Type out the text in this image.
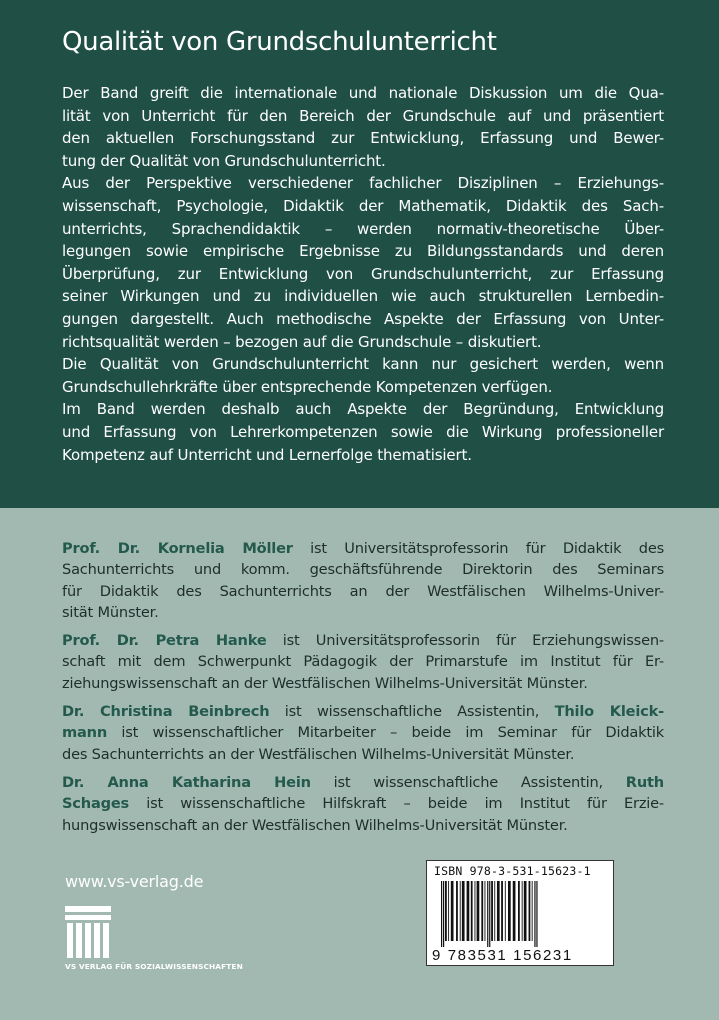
Qualität von Grundschulunterricht
Der Band greift die internationale und nationale Diskussion um die Qua-
lität von Unterricht für den Bereich der Grundschule auf und präsentiert
den aktuellen Forschungsstand zur Entwicklung, Erfassung und Bewer-
tung der Qualität von Grundschulunterricht.
Aus der Perspektive verschiedener fachlicher Disziplinen – Erziehungs-
wissenschaft, Psychologie, Didaktik der Mathematik, Didaktik des Sach-
unterrichts, Sprachendidaktik – werden normativ-theoretische Über-
legungen sowie empirische Ergebnisse zu Bildungsstandards und deren
Überprüfung, zur Entwicklung von Grundschulunterricht, zur Erfassung
seiner Wirkungen und zu individuellen wie auch strukturellen Lernbedin-
gungen dargestellt. Auch methodische Aspekte der Erfassung von Unter-
richtsqualität werden – bezogen auf die Grundschule – diskutiert.
Die Qualität von Grundschulunterricht kann nur gesichert werden, wenn
Grundschullehrkräfte über entsprechende Kompetenzen verfügen.
Im Band werden deshalb auch Aspekte der Begründung, Entwicklung
und Erfassung von Lehrerkompetenzen sowie die Wirkung professioneller
Kompetenz auf Unterricht und Lernerfolge thematisiert.
Prof. Dr. Kornelia Möller ist Universitätsprofessorin für Didaktik des
Sachunterrichts und komm. geschäftsführende Direktorin des Seminars
für Didaktik des Sachunterrichts an der Westfälischen Wilhelms-Univer-
sität Münster.
Prof. Dr. Petra Hanke ist Universitätsprofessorin für Erziehungswissen-
schaft mit dem Schwerpunkt Pädagogik der Primarstufe im Institut für Er-
ziehungswissenschaft an der Westfälischen Wilhelms-Universität Münster.
Dr. Christina Beinbrech ist wissenschaftliche Assistentin, Thilo Kleick-
mann ist wissenschaftlicher Mitarbeiter – beide im Seminar für Didaktik
des Sachunterrichts an der Westfälischen Wilhelms-Universität Münster.
Dr. Anna Katharina Hein ist wissenschaftliche Assistentin, Ruth
Schages ist wissenschaftliche Hilfskraft – beide im Institut für Erzie-
hungswissenschaft an der Westfälischen Wilhelms-Universität Münster.
www.vs-verlag.de
VS VERLAG FÜR SOZIALWISSENSCHAFTEN
ISBN 978-3-531-15623-1
9 783531 156231
